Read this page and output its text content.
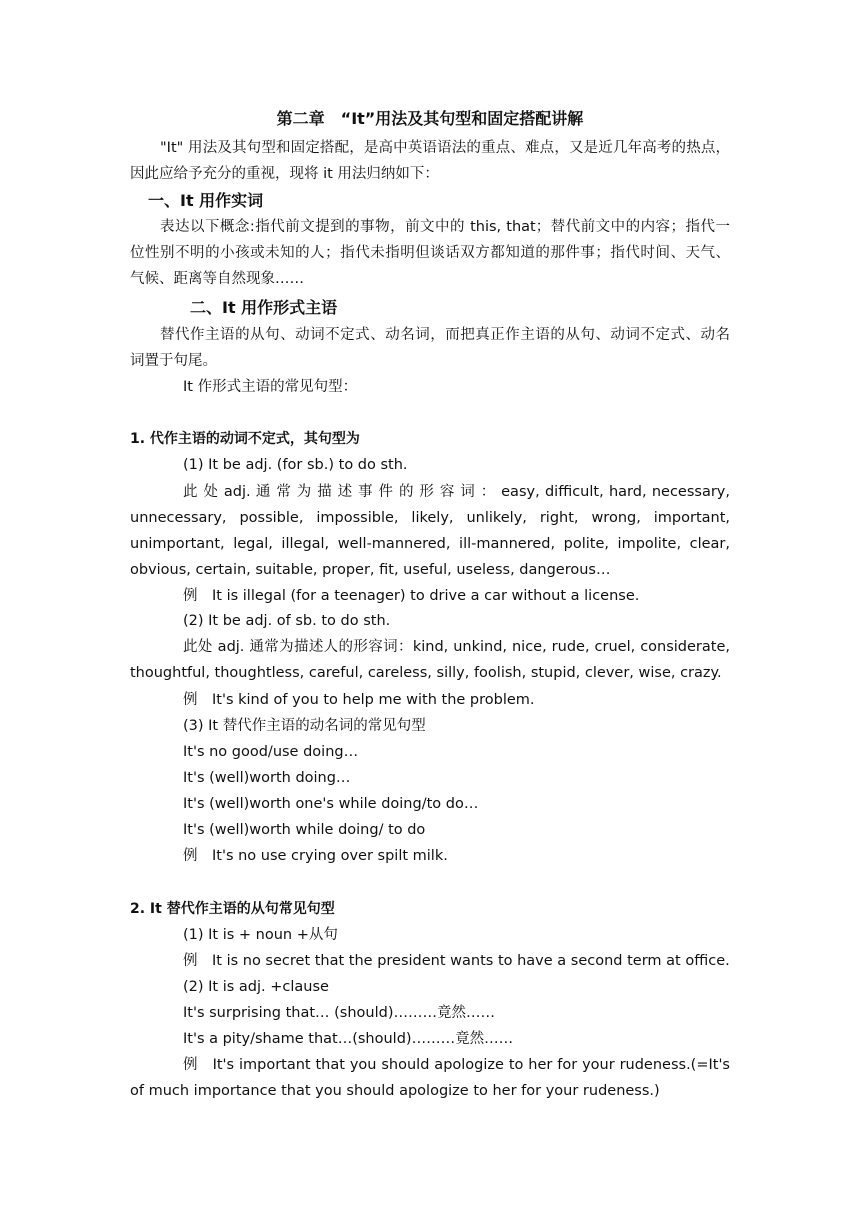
第二章　“It”用法及其句型和固定搭配讲解
"It" 用法及其句型和固定搭配，是高中英语语法的重点、难点，又是近几年高考的热点，
因此应给予充分的重视，现将 it 用法归纳如下：
一、It 用作实词
表达以下概念:指代前文提到的事物，前文中的 this, that；替代前文中的内容；指代一
位性别不明的小孩或未知的人；指代未指明但谈话双方都知道的那件事；指代时间、天气、
气候、距离等自然现象……
二、It 用作形式主语
替代作主语的从句、动词不定式、动名词，而把真正作主语的从句、动词不定式、动名
词置于句尾。
It 作形式主语的常见句型：
1. 代作主语的动词不定式，其句型为
(1) It be adj. (for sb.) to do sth.
此 处 adj. 通 常 为 描 述 事 件 的 形 容 词 ： easy, difficult, hard, necessary,
unnecessary, possible, impossible, likely, unlikely, right, wrong, important,
unimportant, legal, illegal, well-mannered, ill-mannered, polite, impolite, clear,
obvious, certain, suitable, proper, fit, useful, useless, dangerous…
例　It is illegal (for a teenager) to drive a car without a license.
(2) It be adj. of sb. to do sth.
此处 adj. 通常为描述人的形容词：kind, unkind, nice, rude, cruel, considerate,
thoughtful, thoughtless, careful, careless, silly, foolish, stupid, clever, wise, crazy.
例　It's kind of you to help me with the problem.
(3) It 替代作主语的动名词的常见句型
It's no good/use doing…
It's (well)worth doing…
It's (well)worth one's while doing/to do…
It's (well)worth while doing/ to do
例　It's no use crying over spilt milk.
2. It 替代作主语的从句常见句型
(1) It is + noun +从句
例　It is no secret that the president wants to have a second term at office.
(2) It is adj. +clause
It's surprising that… (should)………竟然……
It's a pity/shame that…(should)………竟然……
例　It's important that you should apologize to her for your rudeness.(=It's
of much importance that you should apologize to her for your rudeness.)
